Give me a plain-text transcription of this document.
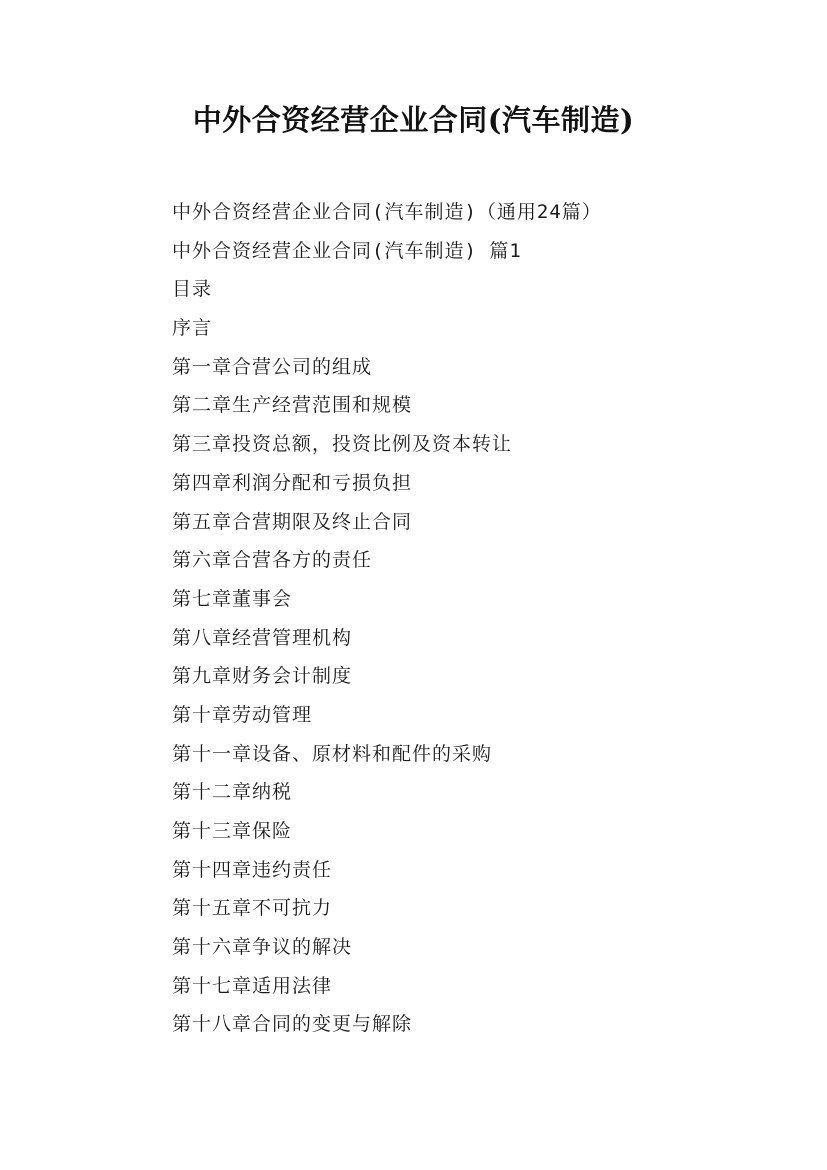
中外合资经营企业合同(汽车制造)
中外合资经营企业合同(汽车制造)（通用24篇）
中外合资经营企业合同(汽车制造) 篇1
目录
序言
第一章合营公司的组成
第二章生产经营范围和规模
第三章投资总额，投资比例及资本转让
第四章利润分配和亏损负担
第五章合营期限及终止合同
第六章合营各方的责任
第七章董事会
第八章经营管理机构
第九章财务会计制度
第十章劳动管理
第十一章设备、原材料和配件的采购
第十二章纳税
第十三章保险
第十四章违约责任
第十五章不可抗力
第十六章争议的解决
第十七章适用法律
第十八章合同的变更与解除
